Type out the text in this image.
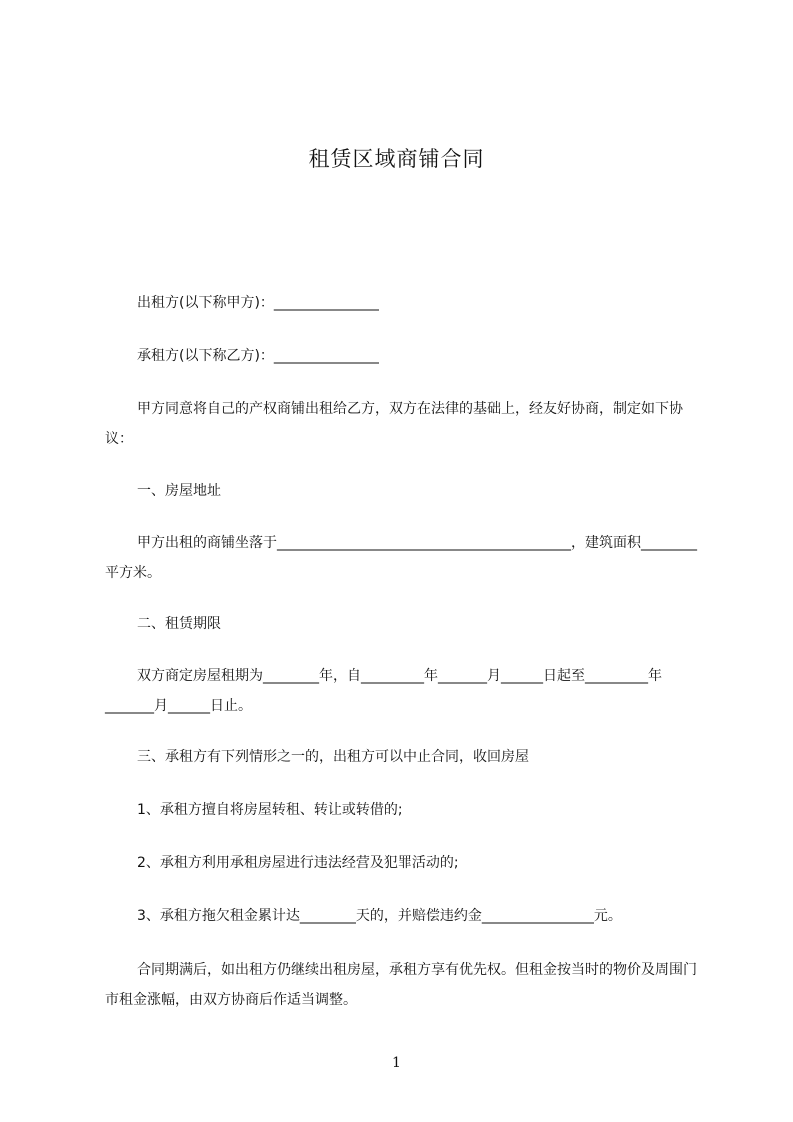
租赁区域商铺合同
出租方(以下称甲方)：_______________
承租方(以下称乙方)：_______________
甲方同意将自己的产权商铺出租给乙方，双方在法律的基础上，经友好协商，制定如下协议：
一、房屋地址
甲方出租的商铺坐落于__________________________________________，建筑面积________平方米。
二、租赁期限
双方商定房屋租期为________年，自_________年_______月______日起至_________年_______月______日止。
三、承租方有下列情形之一的，出租方可以中止合同，收回房屋
1、承租方擅自将房屋转租、转让或转借的;
2、承租方利用承租房屋进行违法经营及犯罪活动的;
3、承租方拖欠租金累计达________天的，并赔偿违约金________________元。
合同期满后，如出租方仍继续出租房屋，承租方享有优先权。但租金按当时的物价及周围门市租金涨幅，由双方协商后作适当调整。
1
